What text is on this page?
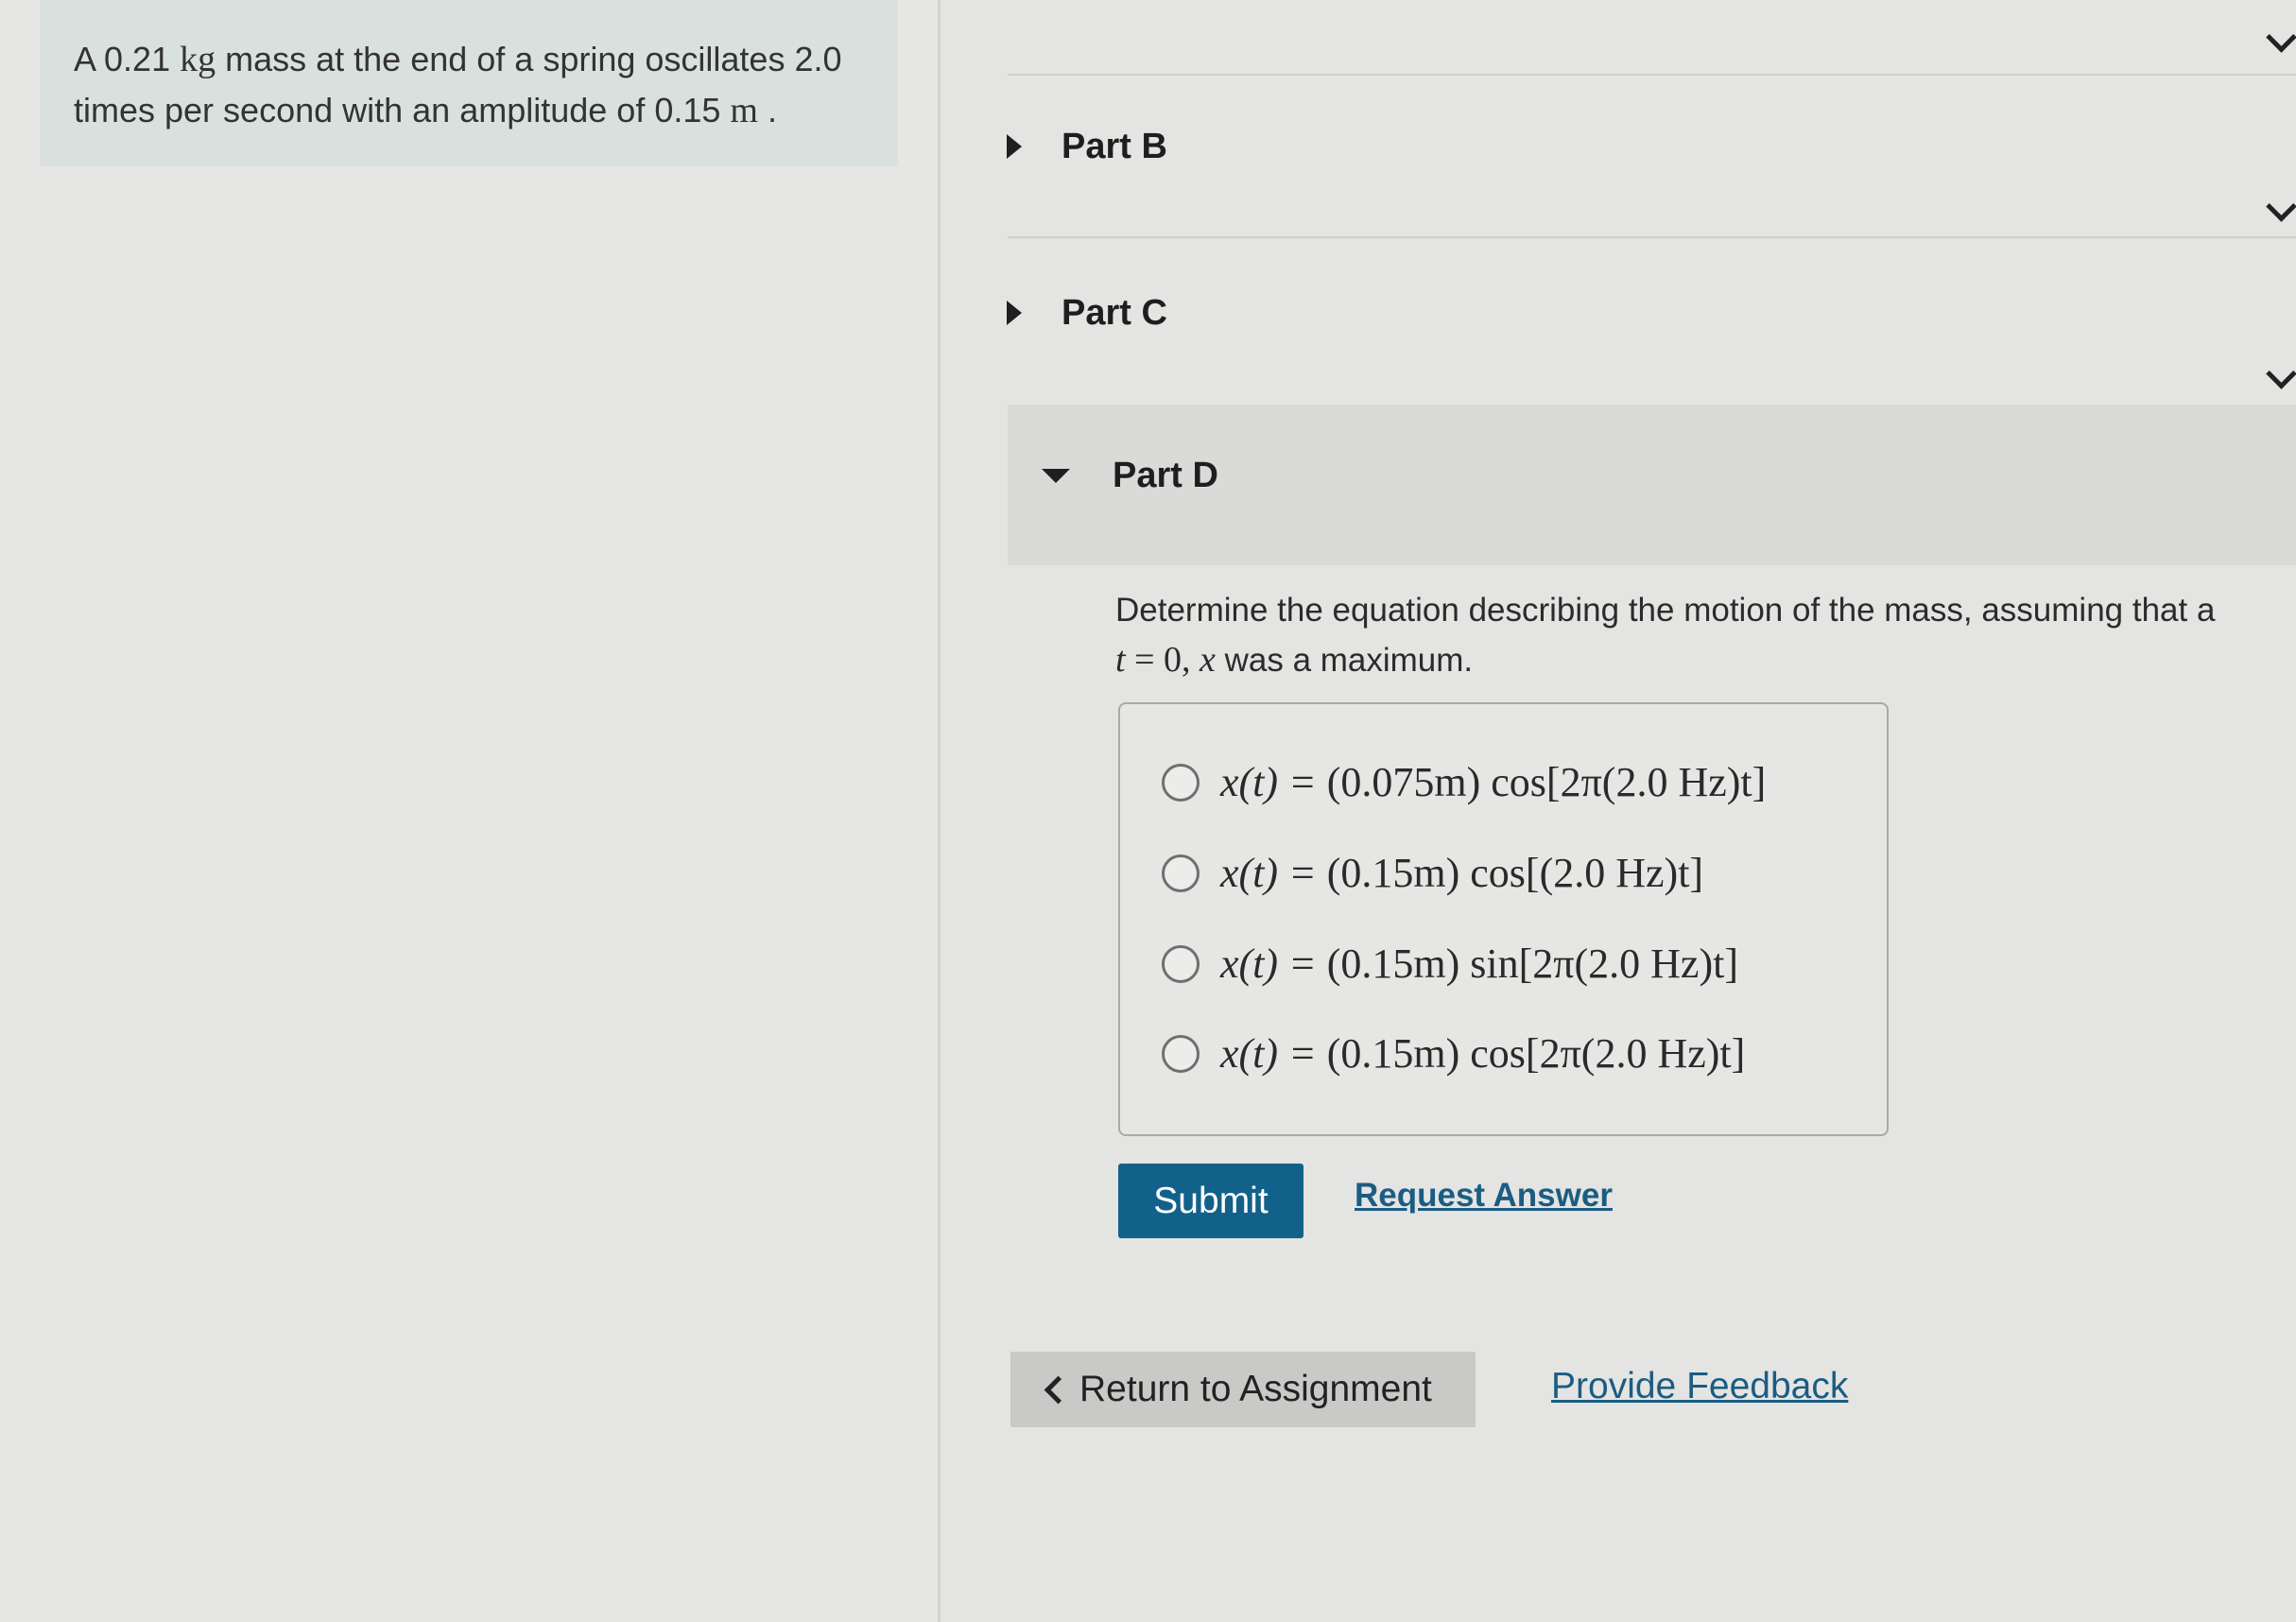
A 0.21 kg mass at the end of a spring oscillates 2.0
times per second with an amplitude of 0.15 m .
Part B
Part C
Part D
Determine the equation describing the motion of the mass, assuming that a
t = 0, x was a maximum.
x(t) = (0.075m) cos[2π(2.0 Hz)t]
x(t) = (0.15m) cos[(2.0 Hz)t]
x(t) = (0.15m) sin[2π(2.0 Hz)t]
x(t) = (0.15m) cos[2π(2.0 Hz)t]
Submit	Request Answer
Return to Assignment	Provide Feedback
